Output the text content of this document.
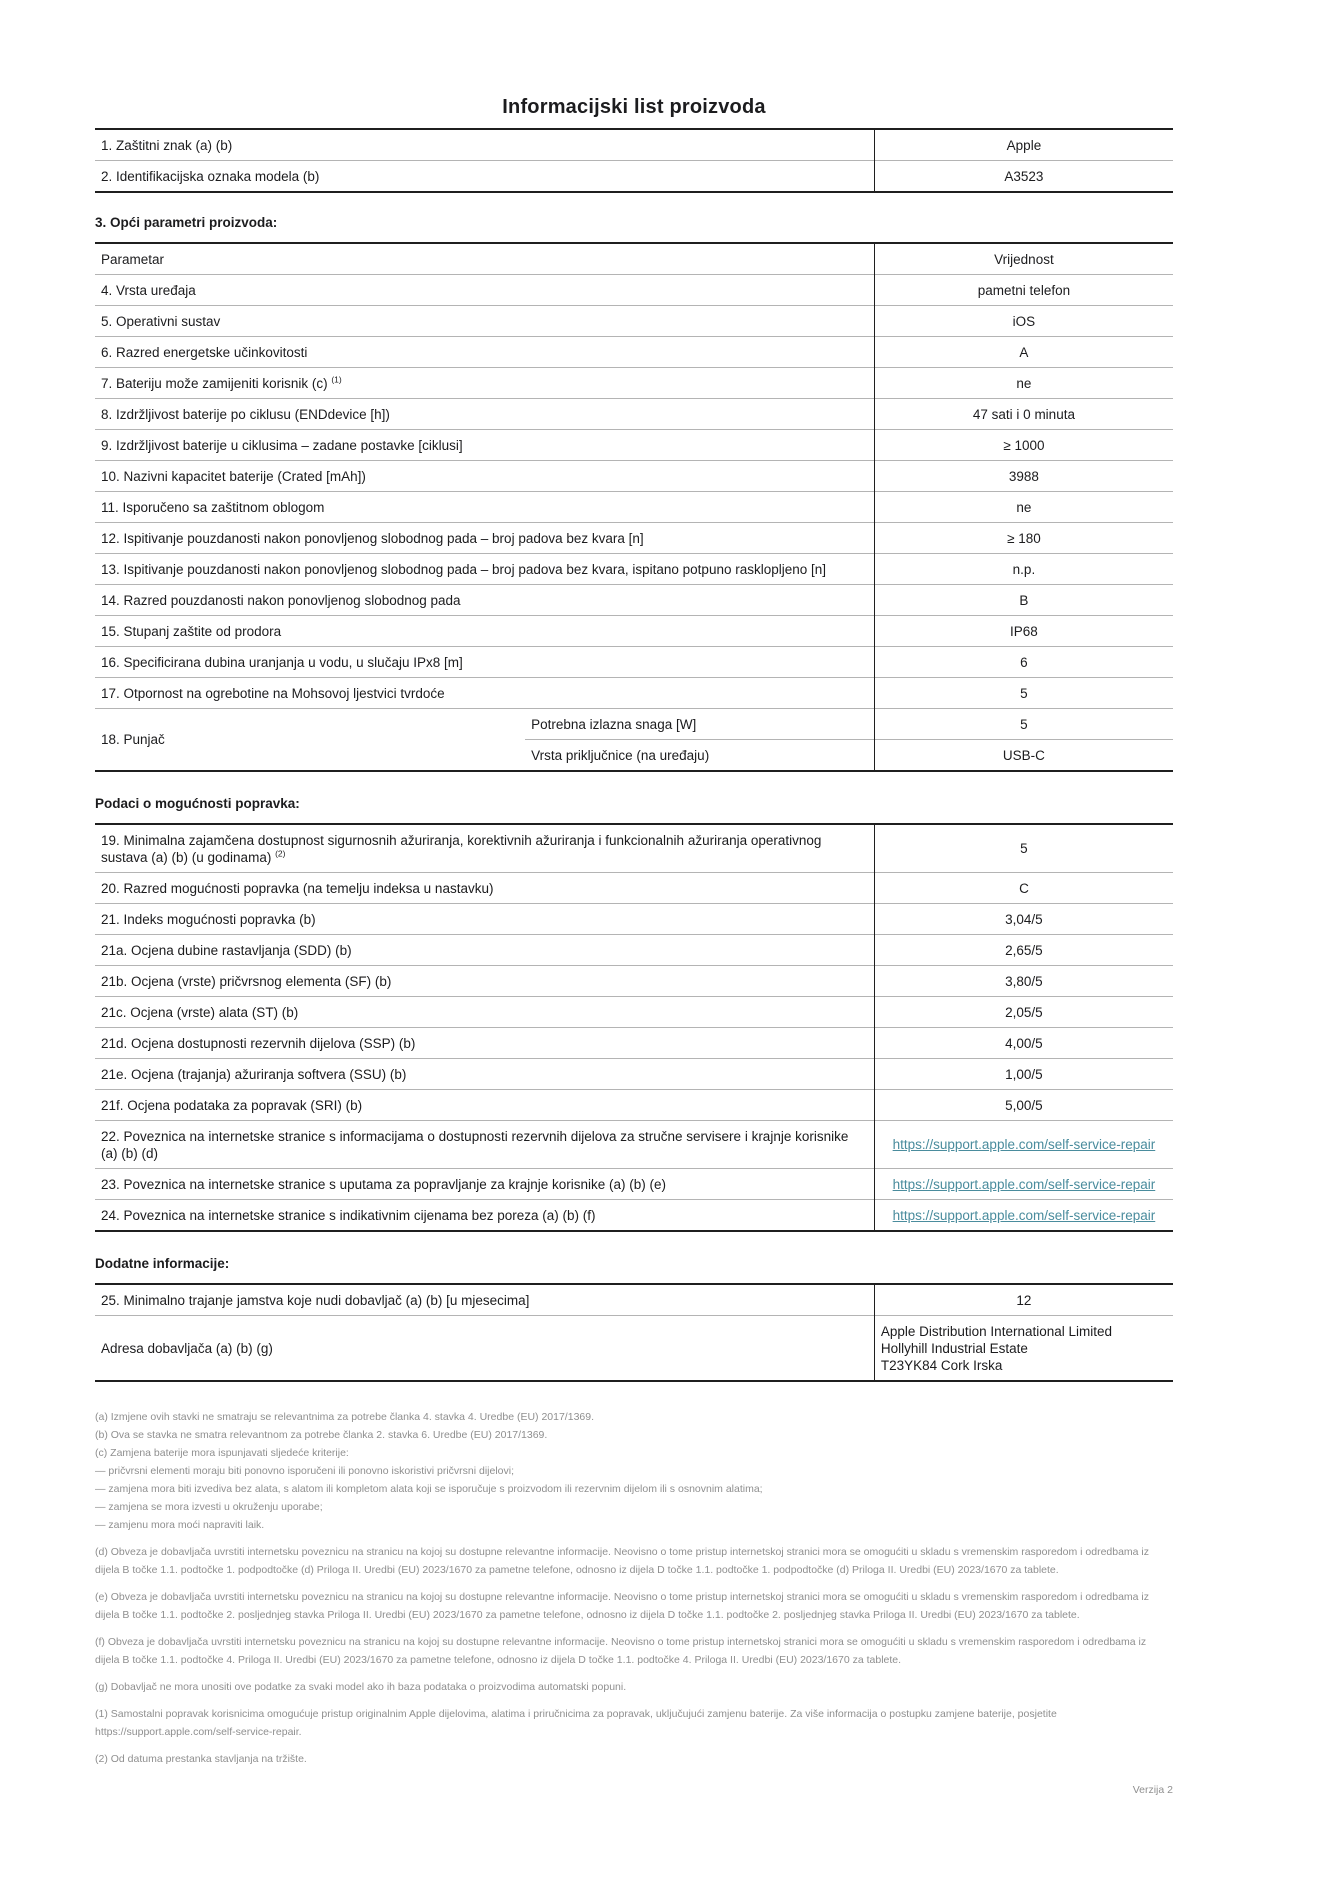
Informacijski list proizvoda
1. Zaštitni znak (a) (b)	Apple
2. Identifikacijska oznaka modela (b)	A3523
3. Opći parametri proizvoda:
Parametar		Vrijednost
4. Vrsta uređaja		pametni telefon
5. Operativni sustav		iOS
6. Razred energetske učinkovitosti		A
7. Bateriju može zamijeniti korisnik (c) $^{(1)}$		ne
8. Izdržljivost baterije po ciklusu (ENDdevice [h])		47 sati i 0 minuta
9. Izdržljivost baterije u ciklusima – zadane postavke [ciklusi]		≥ 1000
10. Nazivni kapacitet baterije (Crated [mAh])		3988
11. Isporučeno sa zaštitnom oblogom		ne
12. Ispitivanje pouzdanosti nakon ponovljenog slobodnog pada – broj padova bez kvara [n]		≥ 180
13. Ispitivanje pouzdanosti nakon ponovljenog slobodnog pada – broj padova bez kvara, ispitano potpuno rasklopljeno [n]		n.p.
14. Razred pouzdanosti nakon ponovljenog slobodnog pada		B
15. Stupanj zaštite od prodora		IP68
16. Specificirana dubina uranjanja u vodu, u slučaju IPx8 [m]		6
17. Otpornost na ogrebotine na Mohsovoj ljestvici tvrdoće		5
18. Punjač	Potrebna izlazna snaga [W]	5
	Vrsta priključnice (na uređaju)	USB-C
Podaci o mogućnosti popravka:
19. Minimalna zajamčena dostupnost sigurnosnih ažuriranja, korektivnih ažuriranja i funkcionalnih ažuriranja operativnog sustava (a) (b) (u godinama) $^{(2)}$	5
20. Razred mogućnosti popravka (na temelju indeksa u nastavku)	C
21. Indeks mogućnosti popravka (b)	3,04/5
21a. Ocjena dubine rastavljanja (SDD) (b)	2,65/5
21b. Ocjena (vrste) pričvrsnog elementa (SF) (b)	3,80/5
21c. Ocjena (vrste) alata (ST) (b)	2,05/5
21d. Ocjena dostupnosti rezervnih dijelova (SSP) (b)	4,00/5
21e. Ocjena (trajanja) ažuriranja softvera (SSU) (b)	1,00/5
21f. Ocjena podataka za popravak (SRI) (b)	5,00/5
22. Poveznica na internetske stranice s informacijama o dostupnosti rezervnih dijelova za stručne servisere i krajnje korisnike (a) (b) (d)	https://support.apple.com/self-service-repair
23. Poveznica na internetske stranice s uputama za popravljanje za krajnje korisnike (a) (b) (e)	https://support.apple.com/self-service-repair
24. Poveznica na internetske stranice s indikativnim cijenama bez poreza (a) (b) (f)	https://support.apple.com/self-service-repair
Dodatne informacije:
25. Minimalno trajanje jamstva koje nudi dobavljač (a) (b) [u mjesecima]	12
Adresa dobavljača (a) (b) (g)	Apple Distribution International Limited
Hollyhill Industrial Estate
T23YK84 Cork Irska
(a) Izmjene ovih stavki ne smatraju se relevantnima za potrebe članka 4. stavka 4. Uredbe (EU) 2017/1369.
(b) Ova se stavka ne smatra relevantnom za potrebe članka 2. stavka 6. Uredbe (EU) 2017/1369.
(c) Zamjena baterije mora ispunjavati sljedeće kriterije:
— pričvrsni elementi moraju biti ponovno isporučeni ili ponovno iskoristivi pričvrsni dijelovi;
— zamjena mora biti izvediva bez alata, s alatom ili kompletom alata koji se isporučuje s proizvodom ili rezervnim dijelom ili s osnovnim alatima;
— zamjena se mora izvesti u okruženju uporabe;
— zamjenu mora moći napraviti laik.
(d) Obveza je dobavljača uvrstiti internetsku poveznicu na stranicu na kojoj su dostupne relevantne informacije. Neovisno o tome pristup internetskoj stranici mora se omogućiti u skladu s vremenskim rasporedom i odredbama iz dijela B točke 1.1. podtočke 1. podpodtočke (d) Priloga II. Uredbi (EU) 2023/1670 za pametne telefone, odnosno iz dijela D točke 1.1. podtočke 1. podpodtočke (d) Priloga II. Uredbi (EU) 2023/1670 za tablete.
(e) Obveza je dobavljača uvrstiti internetsku poveznicu na stranicu na kojoj su dostupne relevantne informacije. Neovisno o tome pristup internetskoj stranici mora se omogućiti u skladu s vremenskim rasporedom i odredbama iz dijela B točke 1.1. podtočke 2. posljednjeg stavka Priloga II. Uredbi (EU) 2023/1670 za pametne telefone, odnosno iz dijela D točke 1.1. podtočke 2. posljednjeg stavka Priloga II. Uredbi (EU) 2023/1670 za tablete.
(f) Obveza je dobavljača uvrstiti internetsku poveznicu na stranicu na kojoj su dostupne relevantne informacije. Neovisno o tome pristup internetskoj stranici mora se omogućiti u skladu s vremenskim rasporedom i odredbama iz dijela B točke 1.1. podtočke 4. Priloga II. Uredbi (EU) 2023/1670 za pametne telefone, odnosno iz dijela D točke 1.1. podtočke 4. Priloga II. Uredbi (EU) 2023/1670 za tablete.
(g) Dobavljač ne mora unositi ove podatke za svaki model ako ih baza podataka o proizvodima automatski popuni.
(1) Samostalni popravak korisnicima omogućuje pristup originalnim Apple dijelovima, alatima i priručnicima za popravak, uključujući zamjenu baterije. Za više informacija o postupku zamjene baterije, posjetite https://support.apple.com/self-service-repair.
(2) Od datuma prestanka stavljanja na tržište.
Verzija 2
